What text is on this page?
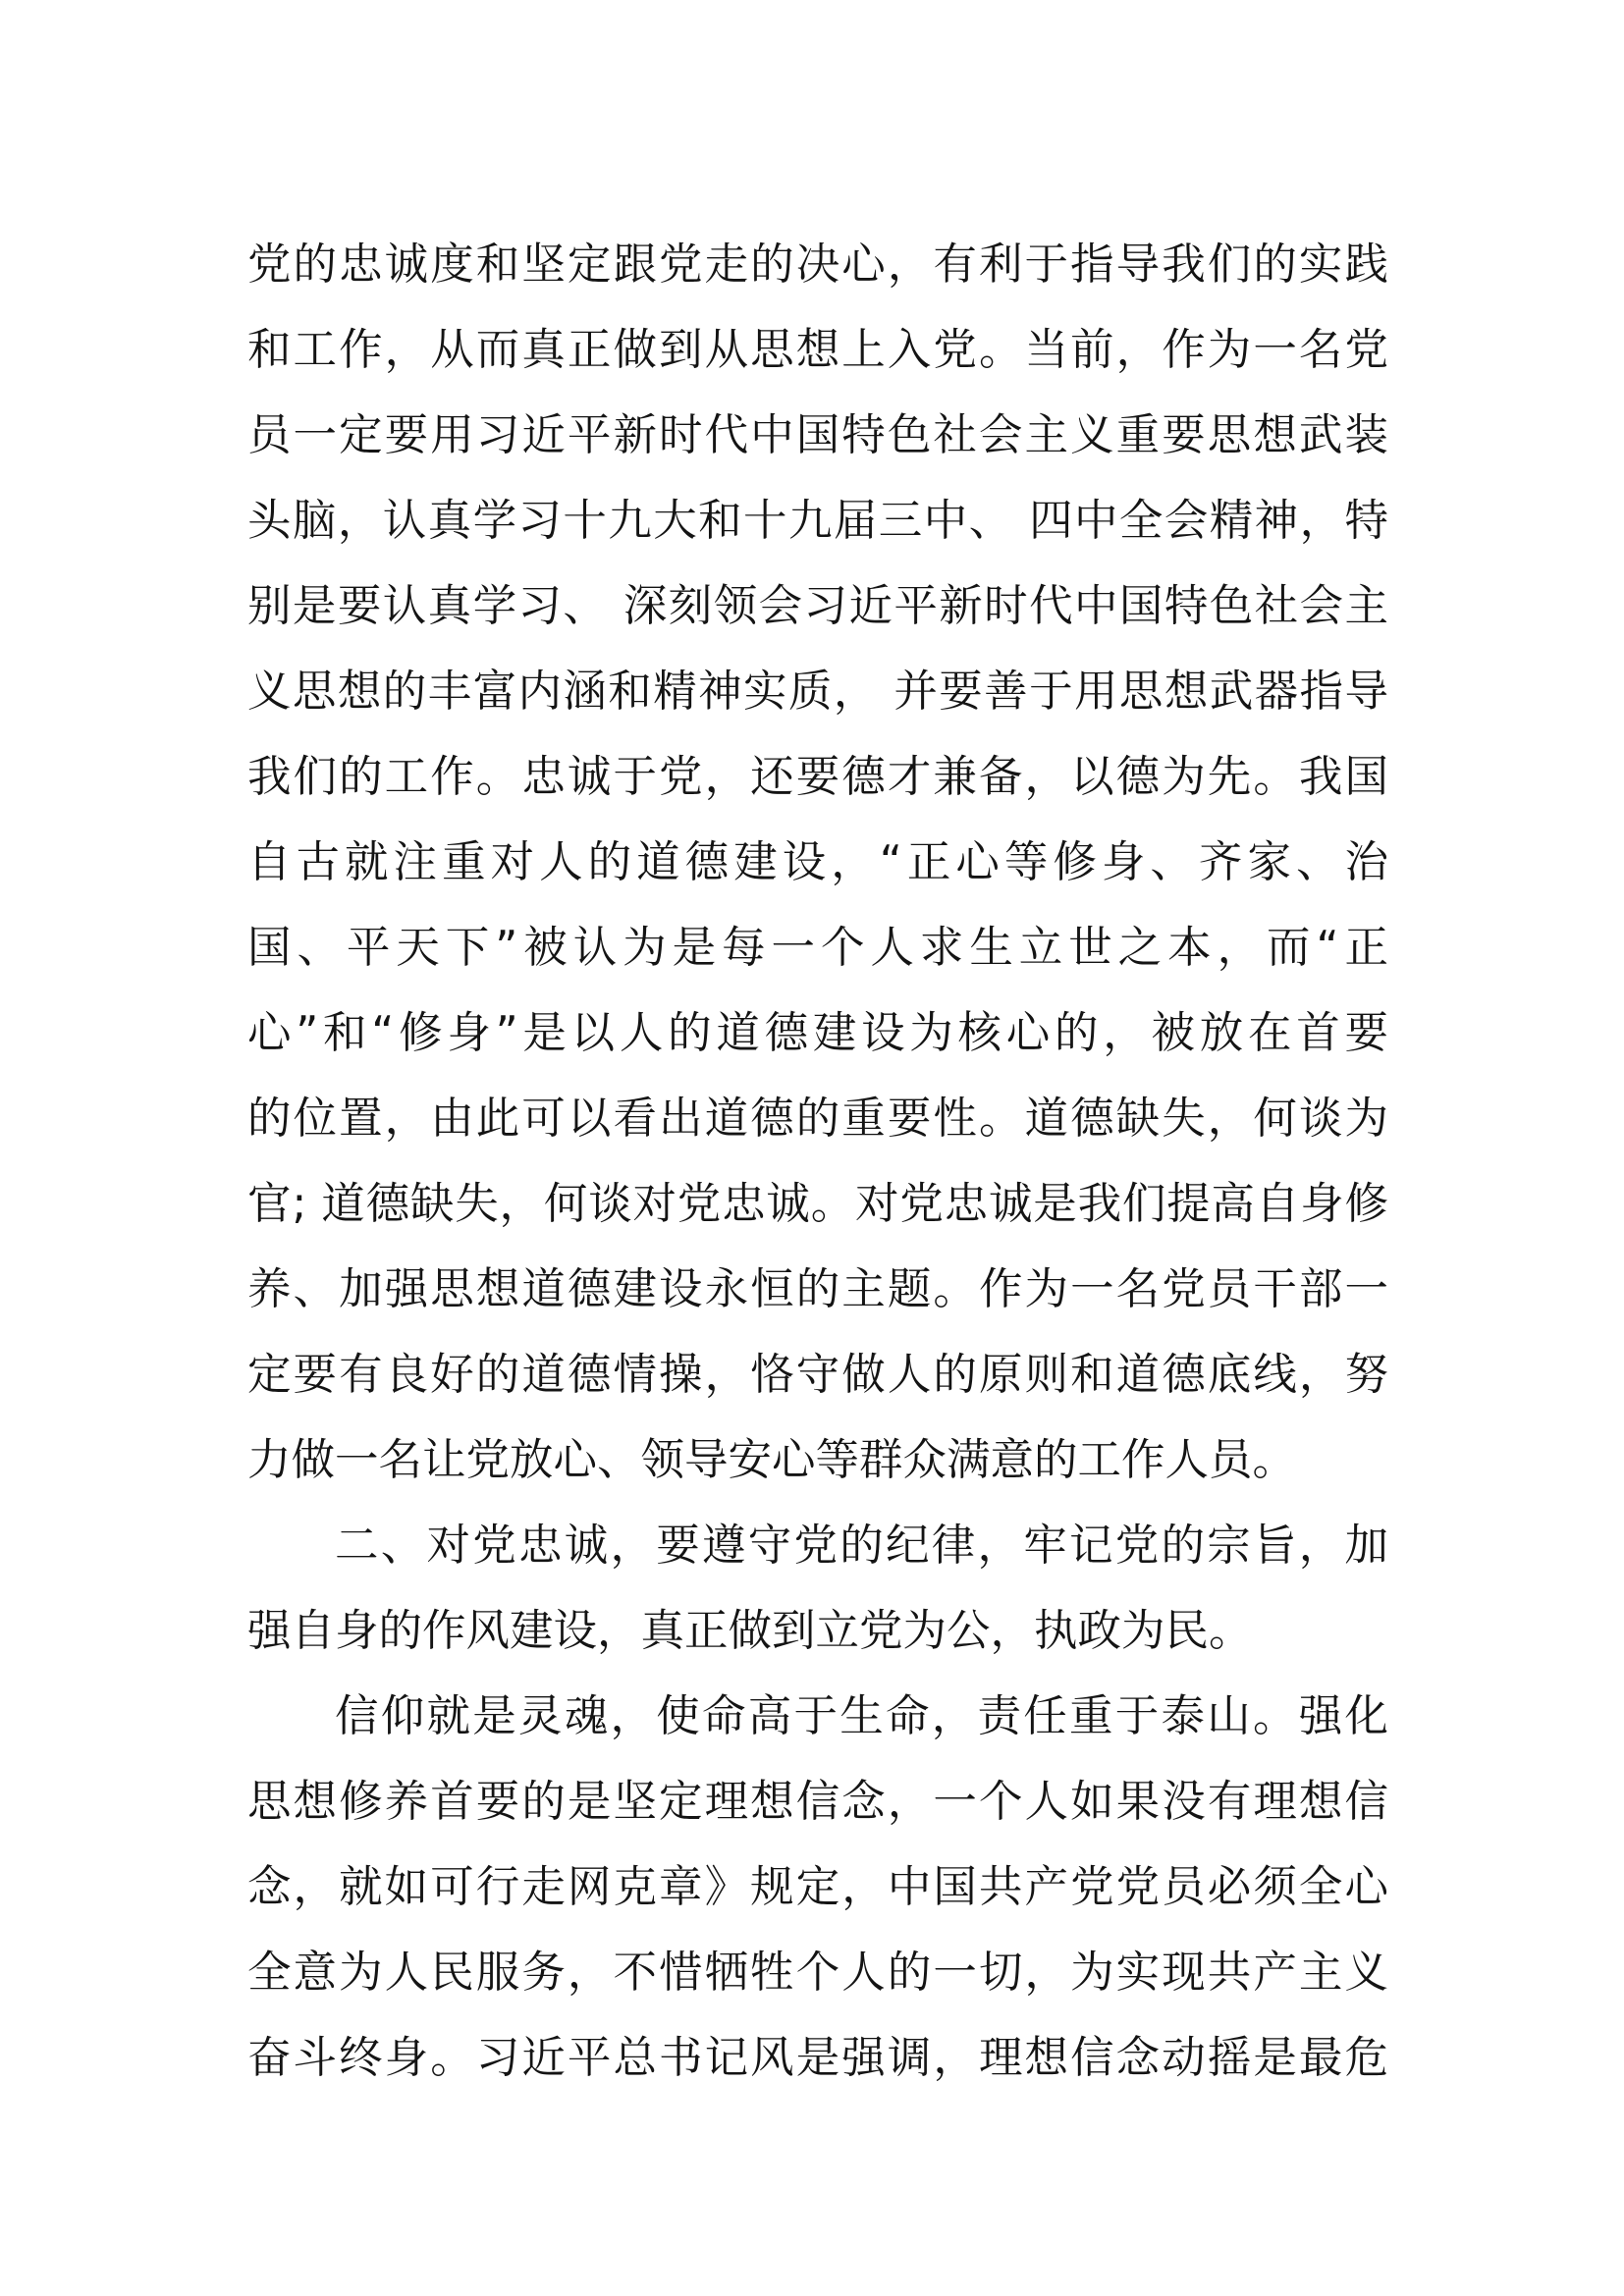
党的忠诚度和坚定跟党走的决心，有利于指导我们的实践
和工作，从而真正做到从思想上入党。当前，作为一名党
员一定要用习近平新时代中国特色社会主义重要思想武装
头脑，认真学习十九大和十九届三中、 四中全会精神，特
别是要认真学习、 深刻领会习近平新时代中国特色社会主
义思想的丰富内涵和精神实质， 并要善于用思想武器指导
我们的工作。忠诚于党，还要德才兼备，以德为先。我国
自古就注重对人的道德建设，“正心等修身、齐家、治
国、平天下”被认为是每一个人求生立世之本，而“正
心”和“修身”是以人的道德建设为核心的，被放在首要
的位置，由此可以看出道德的重要性。道德缺失，何谈为
官; 道德缺失，何谈对党忠诚。对党忠诚是我们提高自身修
养、加强思想道德建设永恒的主题。作为一名党员干部一
定要有良好的道德情操，恪守做人的原则和道德底线，努
力做一名让党放心、领导安心等群众满意的工作人员。
二、对党忠诚，要遵守党的纪律，牢记党的宗旨，加
强自身的作风建设，真正做到立党为公，执政为民。
信仰就是灵魂，使命高于生命，责任重于泰山。强化
思想修养首要的是坚定理想信念，一个人如果没有理想信
念，就如可行走网克章》规定，中国共产党党员必须全心
全意为人民服务，不惜牺牲个人的一切，为实现共产主义
奋斗终身。习近平总书记风是强调，理想信念动摇是最危
